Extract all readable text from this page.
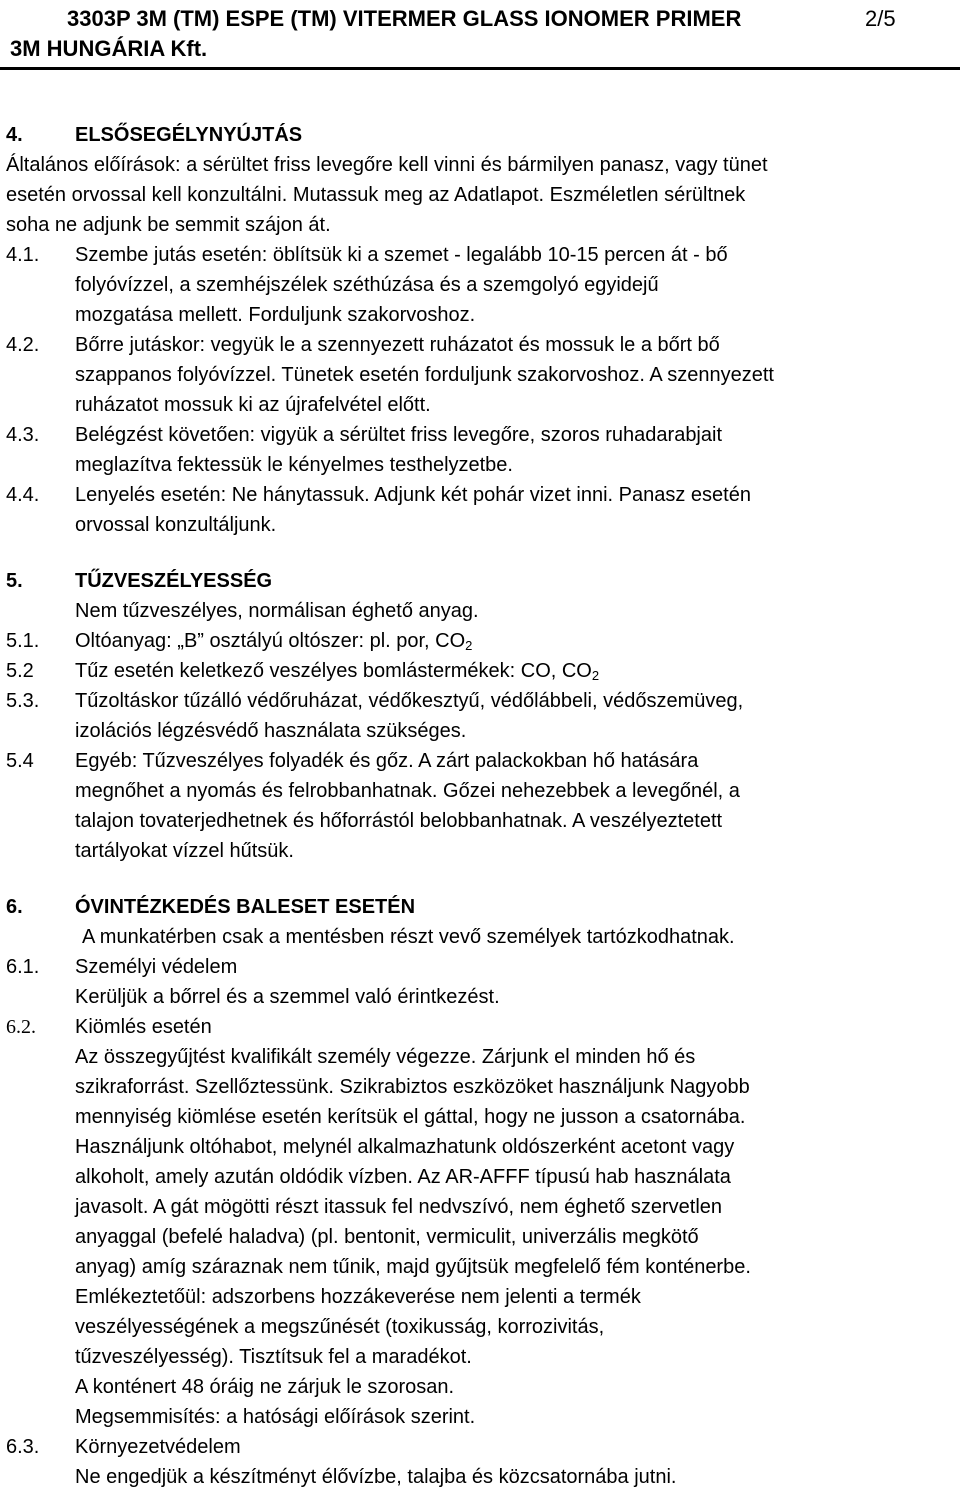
3303P 3M (TM) ESPE (TM) VITERMER GLASS IONOMER PRIMER	2/5
3M HUNGÁRIA Kft.
4.	ELSŐSEGÉLYNYÚJTÁS
Általános előírások: a sérültet friss levegőre kell vinni és bármilyen panasz, vagy tünet
esetén orvossal kell konzultálni. Mutassuk meg az Adatlapot. Eszméletlen sérültnek
soha ne adjunk be semmit szájon át.
4.1. Szembe jutás esetén: öblítsük ki a szemet - legalább 10-15 percen át - bő
folyóvízzel, a szemhéjszélek széthúzása és a szemgolyó egyidejű
mozgatása mellett. Forduljunk szakorvoshoz.
4.2. Bőrre jutáskor: vegyük le a szennyezett ruházatot és mossuk le a bőrt bő
szappanos folyóvízzel. Tünetek esetén forduljunk szakorvoshoz. A szennyezett
ruházatot mossuk ki az újrafelvétel előtt.
4.3. Belégzést követően: vigyük a sérültet friss levegőre, szoros ruhadarabjait
meglazítva fektessük le kényelmes testhelyzetbe.
4.4. Lenyelés esetén: Ne hánytassuk. Adjunk két pohár vizet inni. Panasz esetén
orvossal konzultáljunk.
5.	TŰZVESZÉLYESSÉG
Nem tűzveszélyes, normálisan éghető anyag.
5.1. Oltóanyag: „B” osztályú oltószer: pl. por, $CO_2$
5.2 Tűz esetén keletkező veszélyes bomlástermékek: CO, $CO_2$
5.3. Tűzoltáskor tűzálló védőruházat, védőkesztyű, védőlábbeli, védőszemüveg,
izolációs légzésvédő használata szükséges.
5.4 Egyéb: Tűzveszélyes folyadék és gőz. A zárt palackokban hő hatására
megnőhet a nyomás és felrobbanhatnak. Gőzei nehezebbek a levegőnél, a
talajon tovaterjedhetnek és hőforrástól belobbanhatnak. A veszélyeztetett
tartályokat vízzel hűtsük.
6.	ÓVINTÉZKEDÉS BALESET ESETÉN
A munkatérben csak a mentésben részt vevő személyek tartózkodhatnak.
6.1. Személyi védelem
Kerüljük a bőrrel és a szemmel való érintkezést.
6.2. Kiömlés esetén
Az összegyűjtést kvalifikált személy végezze. Zárjunk el minden hő és
szikraforrást. Szellőztessünk. Szikrabiztos eszközöket használjunk Nagyobb
mennyiség kiömlése esetén kerítsük el gáttal, hogy ne jusson a csatornába.
Használjunk oltóhabot, melynél alkalmazhatunk oldószerként acetont vagy
alkoholt, amely azután oldódik vízben. Az AR-AFFF típusú hab használata
javasolt. A gát mögötti részt itassuk fel nedvszívó, nem éghető szervetlen
anyaggal (befelé haladva) (pl. bentonit, vermiculit, univerzális megkötő
anyag) amíg száraznak nem tűnik, majd gyűjtsük megfelelő fém konténerbe.
Emlékeztetőül: adszorbens hozzákeverése nem jelenti a termék
veszélyességének a megszűnését (toxikusság, korrozivitás,
tűzveszélyesség). Tisztítsuk fel a maradékot.
A konténert 48 óráig ne zárjuk le szorosan.
Megsemmisítés: a hatósági előírások szerint.
6.3. Környezetvédelem
Ne engedjük a készítményt élővízbe, talajba és közcsatornába jutni.
